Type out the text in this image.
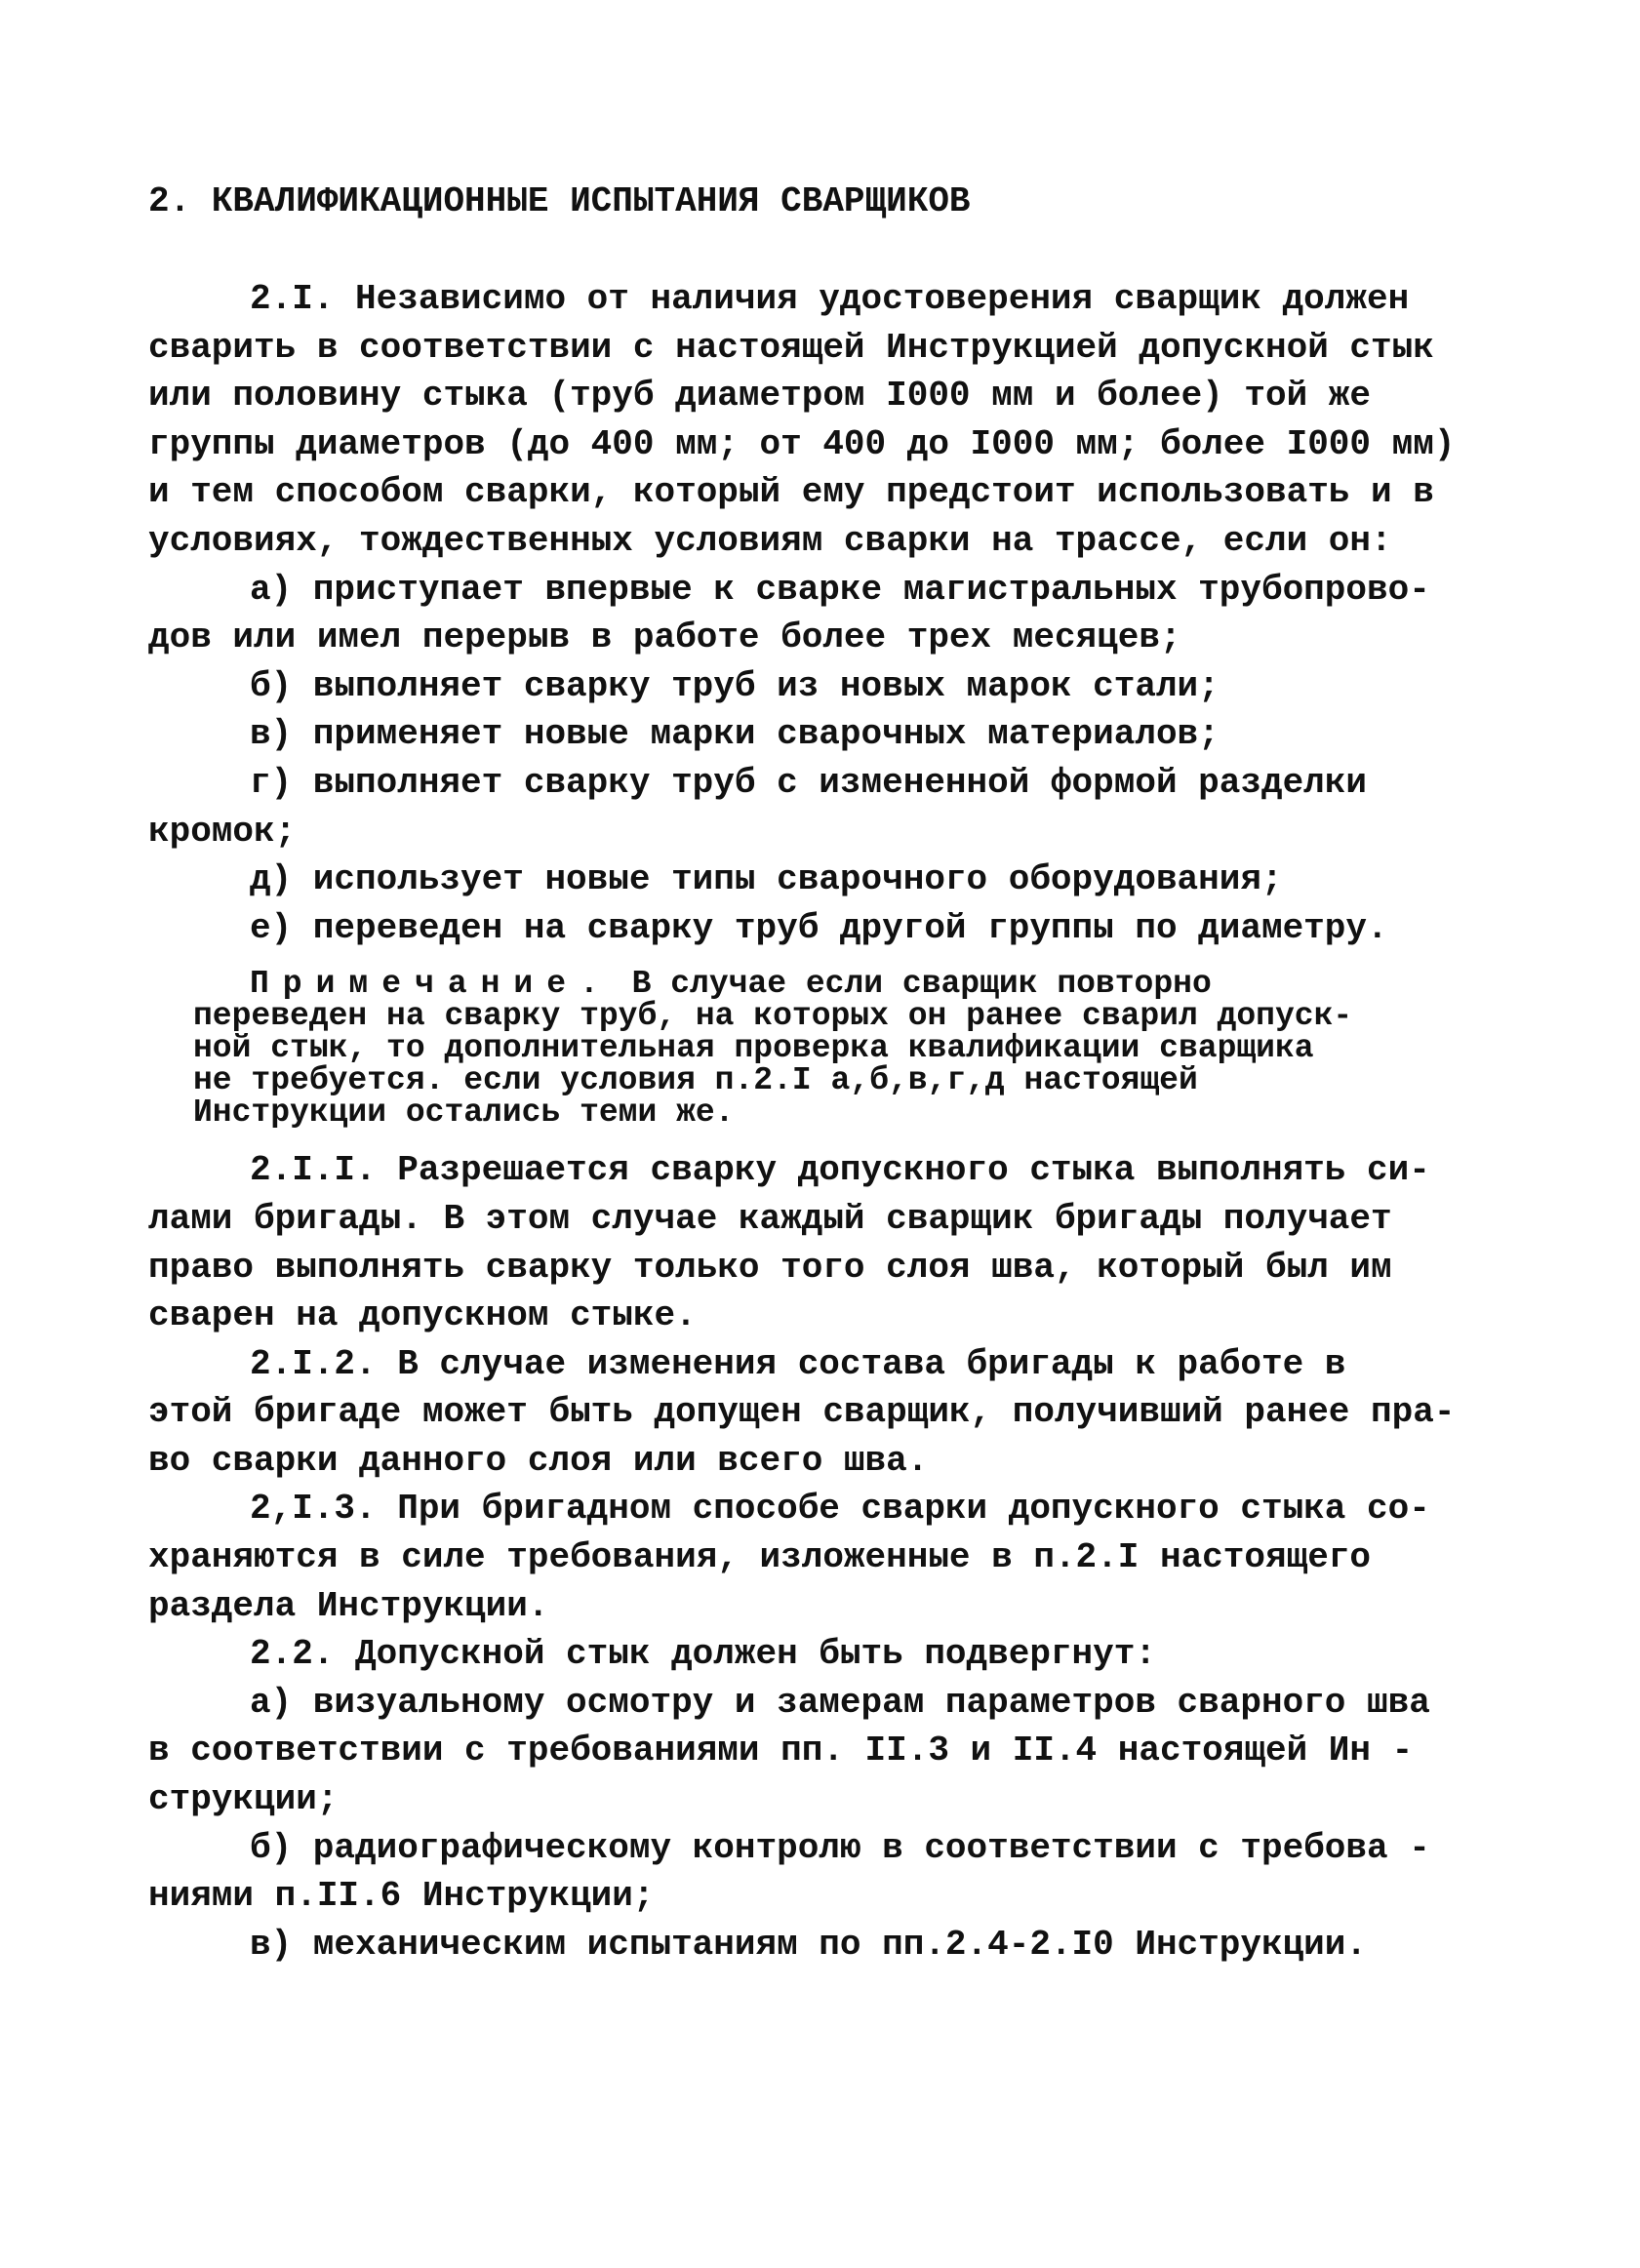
2. КВАЛИФИКАЦИОННЫЕ ИСПЫТАНИЯ СВАРЩИКОВ
2.I. Независимо от наличия удостоверения сварщик должен
сварить в соответствии с настоящей Инструкцией допускной стык
или половину стыка (труб диаметром I000 мм и более) той же
группы диаметров (до 400 мм; от 400 до I000 мм; более I000 мм)
и тем способом сварки, который ему предстоит использовать и в
условиях, тождественных условиям сварки на трассе, если он:
а) приступает впервые к сварке магистральных трубопрово-
дов или имел перерыв в работе более трех месяцев;
б) выполняет сварку труб из новых марок стали;
в) применяет новые марки сварочных материалов;
г) выполняет сварку труб с измененной формой разделки
кромок;
д) использует новые типы сварочного оборудования;
е) переведен на сварку труб другой группы по диаметру.
Примечание. В случае если сварщик повторно
переведен на сварку труб, на которых он ранее сварил допуск-
ной стык, то дополнительная проверка квалификации сварщика
не требуется. если условия п.2.I а,б,в,г,д настоящей
Инструкции остались теми же.
2.I.I. Разрешается сварку допускного стыка выполнять си-
лами бригады. В этом случае каждый сварщик бригады получает
право выполнять сварку только того слоя шва, который был им
сварен на допускном стыке.
2.I.2. В случае изменения состава бригады к работе в
этой бригаде может быть допущен сварщик, получивший ранее пра-
во сварки данного слоя или всего шва.
2,I.3. При бригадном способе сварки допускного стыка со-
храняются в силе требования, изложенные в п.2.I настоящего
раздела Инструкции.
2.2. Допускной стык должен быть подвергнут:
а) визуальному осмотру и замерам параметров сварного шва
в соответствии с требованиями пп. II.3 и II.4 настоящей Ин -
струкции;
б) радиографическому контролю в соответствии с требова -
ниями п.II.6 Инструкции;
в) механическим испытаниям по пп.2.4-2.I0 Инструкции.
